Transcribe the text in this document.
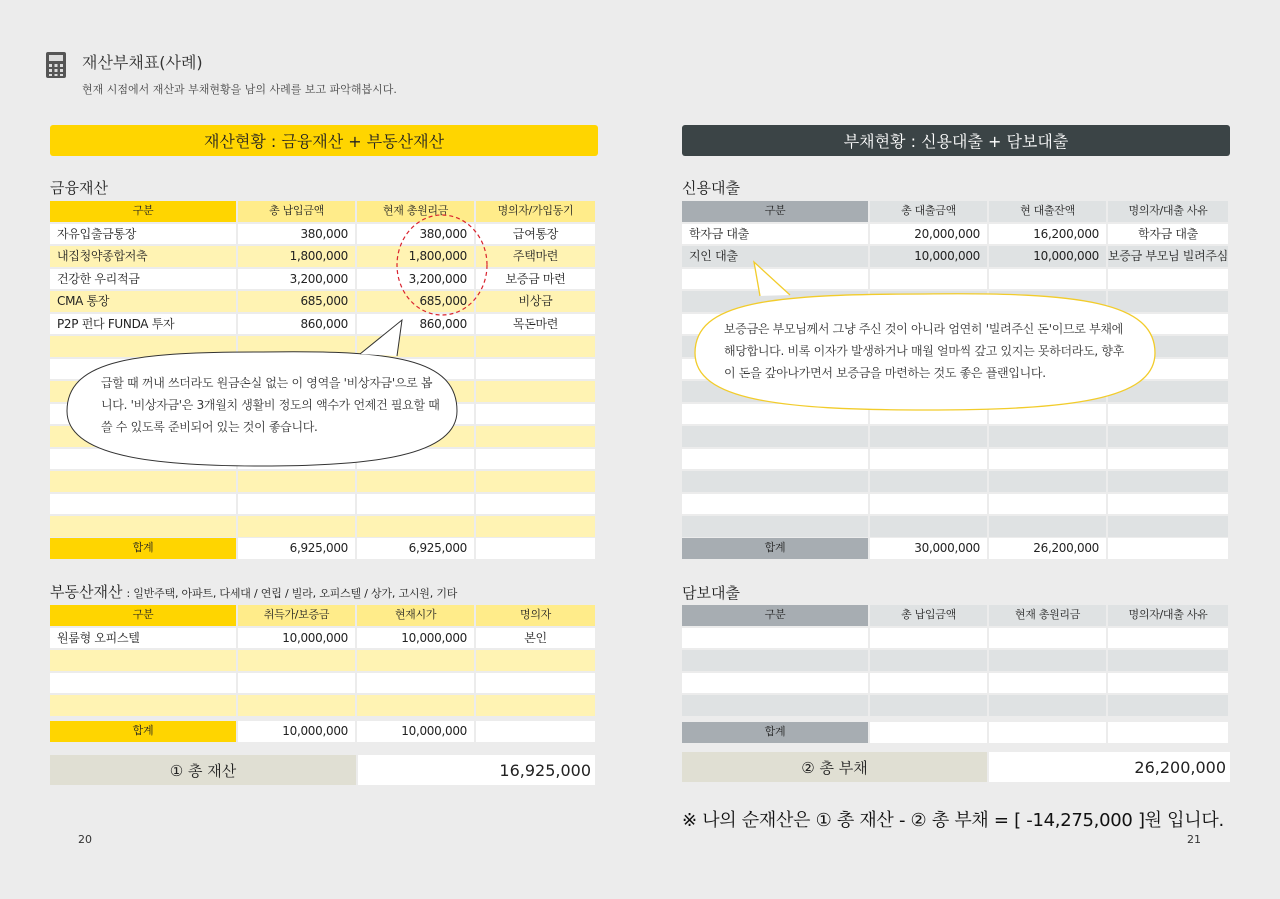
재산부채표(사례)
현재 시점에서 재산과 부채현황을 남의 사례를 보고 파악해봅시다.
재산현황 : 금융재산 + 부동산재산
금융재산
구분	총 납입금액	현재 총원리금	명의자/가입동기
자유입출금통장	380,000	380,000	급여통장
내집청약종합저축	1,800,000	1,800,000	주택마련
건강한 우리적금	3,200,000	3,200,000	보증금 마련
CMA 통장	685,000	685,000	비상금
P2P 펀다 FUNDA 투자	860,000	860,000	목돈마련
급할 때 꺼내 쓰더라도 원금손실 없는 이 영역을 '비상자금'으로 봅니다. '비상자금'은 3개월치 생활비 정도의 액수가 언제건 필요할 때 쓸 수 있도록 준비되어 있는 것이 좋습니다.
합계	6,925,000	6,925,000
부동산재산 : 일반주택, 아파트, 다세대 / 연립 / 빌라, 오피스텔 / 상가, 고시원, 기타
구분	취득가/보증금	현재시가	명의자
원룸형 오피스텔	10,000,000	10,000,000	본인
합계	10,000,000	10,000,000
① 총 재산	16,925,000
20
부채현황 : 신용대출 + 담보대출
신용대출
구분	총 대출금액	현 대출잔액	명의자/대출 사유
학자금 대출	20,000,000	16,200,000	학자금 대출
지인 대출	10,000,000	10,000,000 보증금 부모님 빌려주심
보증금은 부모님께서 그냥 주신 것이 아니라 엄연히 '빌려주신 돈'이므로 부채에 해당합니다. 비록 이자가 발생하거나 매월 얼마씩 갚고 있지는 못하더라도, 향후 이 돈을 갚아나가면서 보증금을 마련하는 것도 좋은 플랜입니다.
합계	30,000,000	26,200,000
담보대출
구분	총 납입금액	현재 총원리금	명의자/대출 사유
합계
② 총 부채	26,200,000
※ 나의 순재산은 ① 총 재산 - ② 총 부채 = [ -14,275,000 ]원 입니다.
21
